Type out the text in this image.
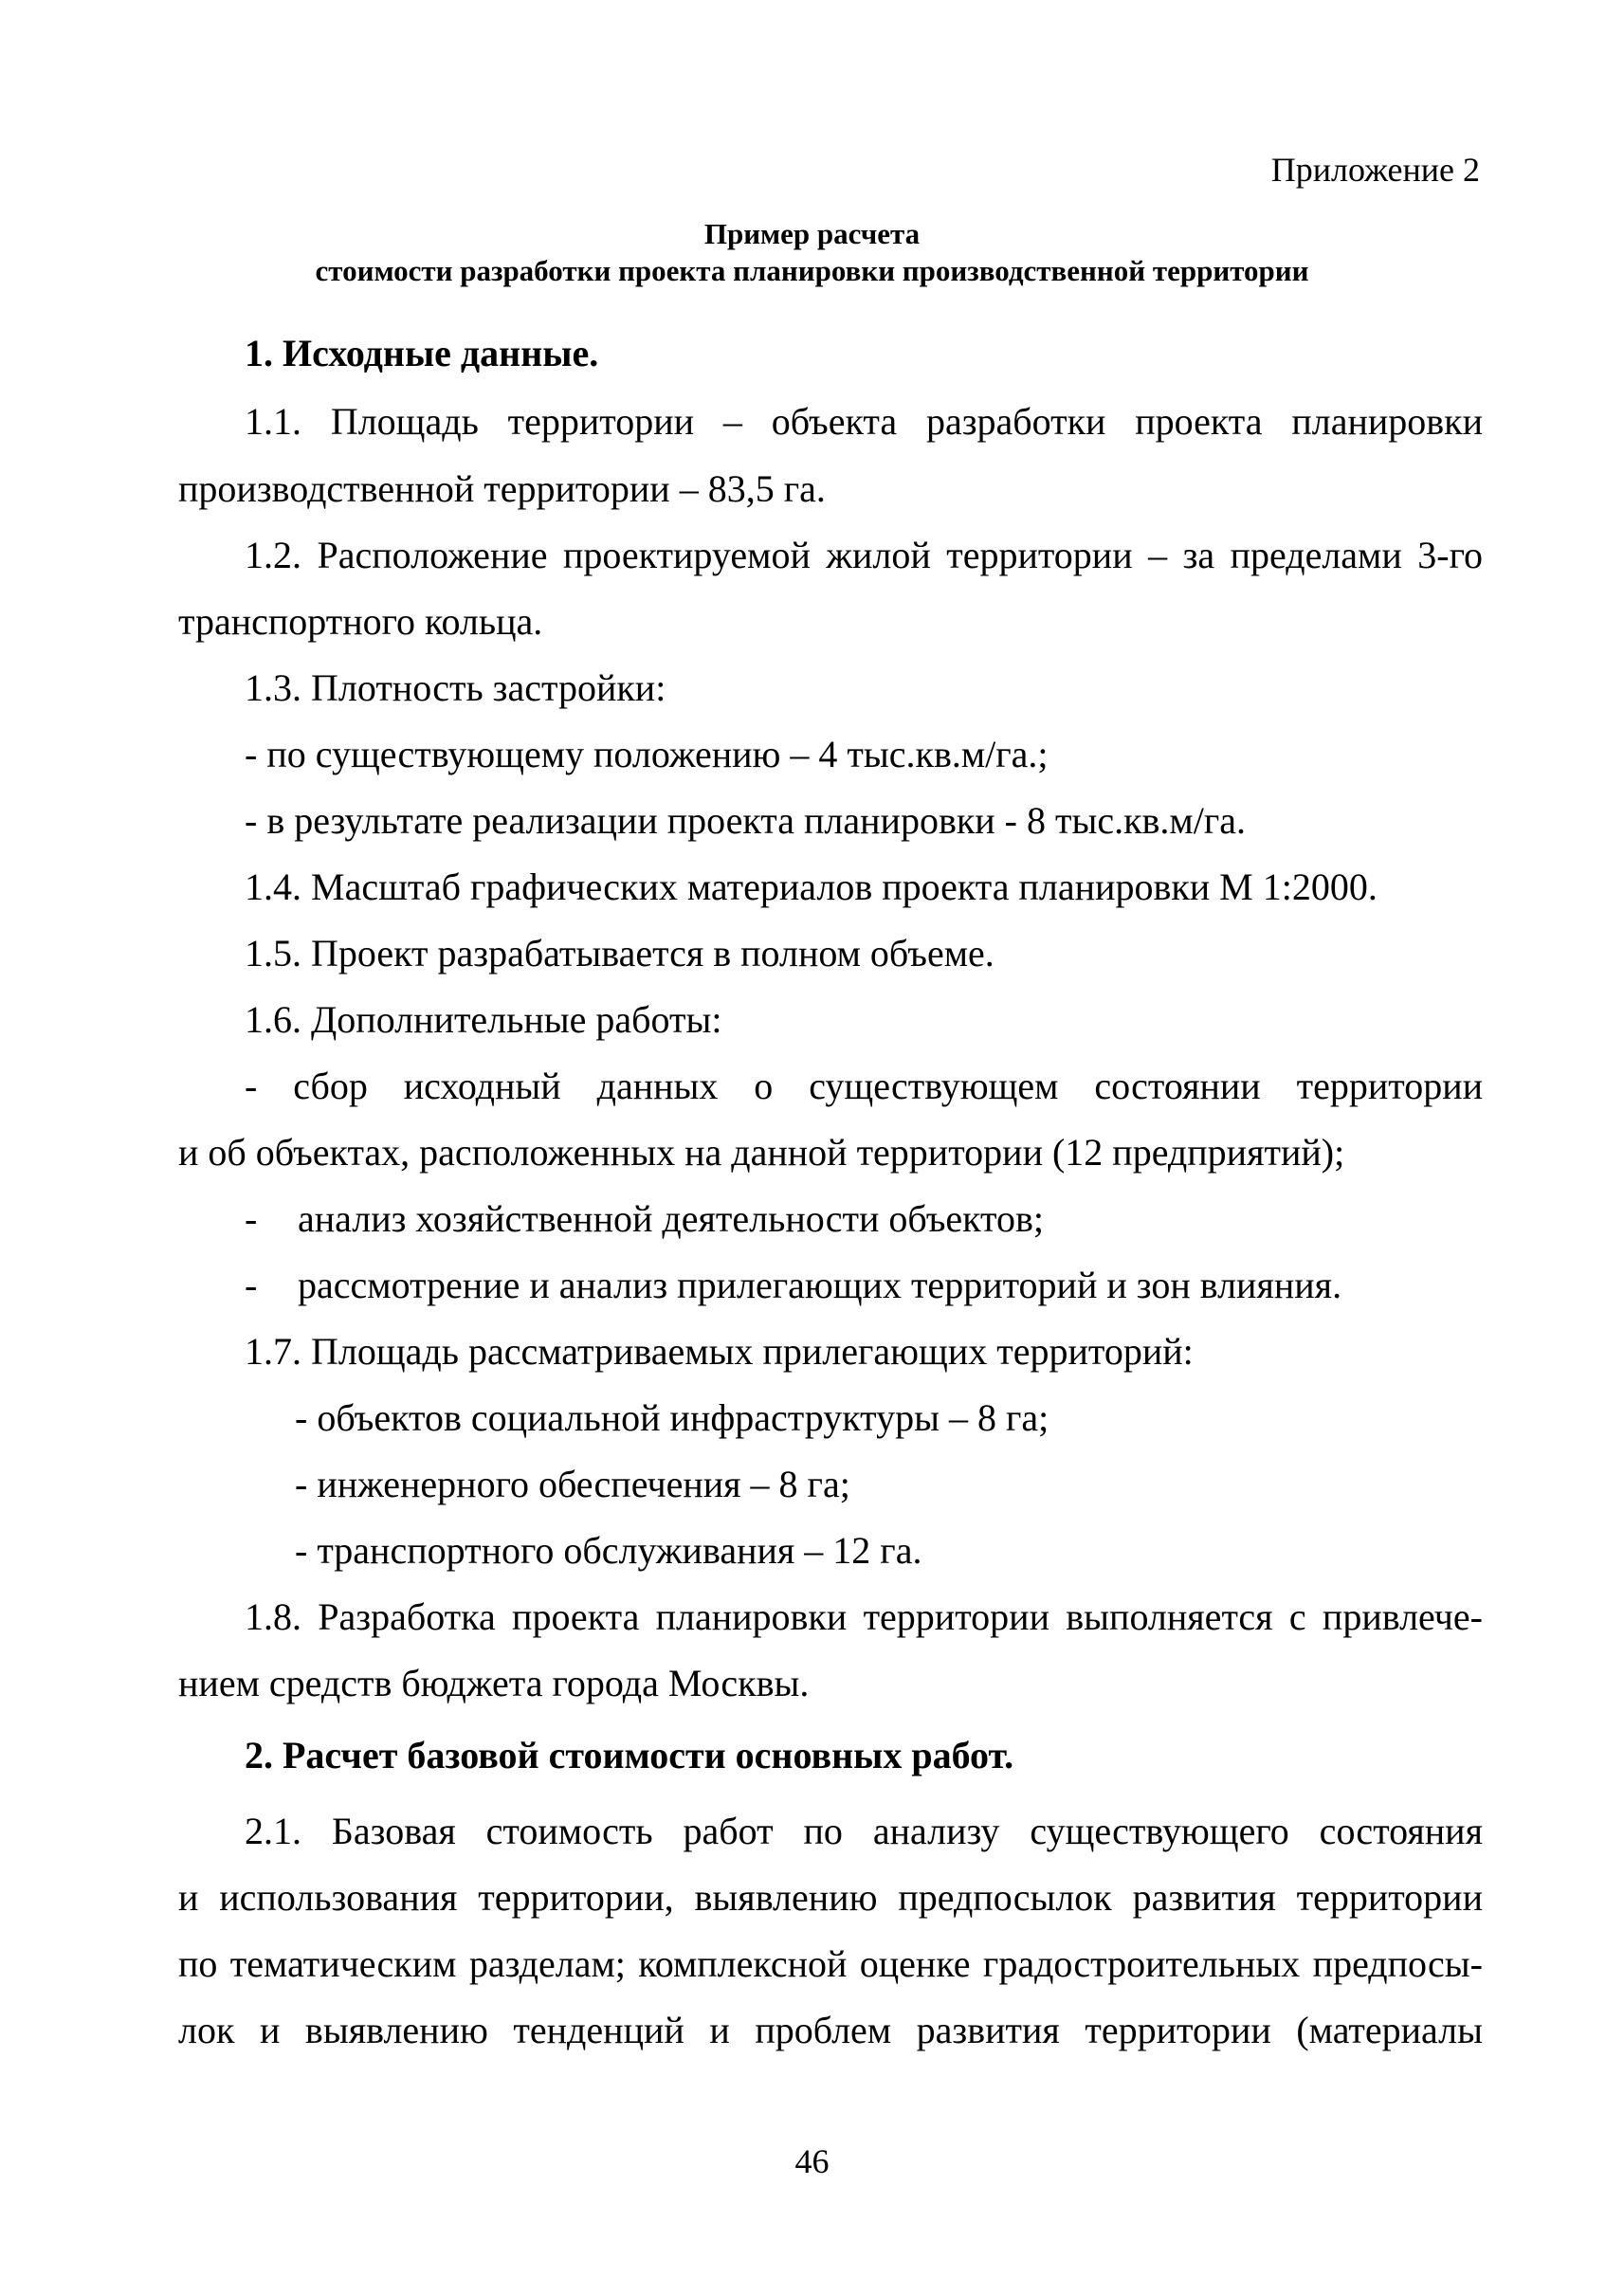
Приложение 2
Пример расчета
стоимости разработки проекта планировки производственной территории
1. Исходные данные.
1.1. Площадь территории – объекта разработки проекта планировки
производственной территории – 83,5 га.
1.2. Расположение проектируемой жилой территории – за пределами 3-го
транспортного кольца.
1.3. Плотность застройки:
- по существующему положению – 4 тыс.кв.м/га.;
- в результате реализации проекта планировки - 8 тыс.кв.м/га.
1.4. Масштаб графических материалов проекта планировки М 1:2000.
1.5. Проект разрабатывается в полном объеме.
1.6. Дополнительные работы:
- сбор исходный данных о существующем состоянии территории
и об объектах, расположенных на данной территории (12 предприятий);
- анализ хозяйственной деятельности объектов;
- рассмотрение и анализ прилегающих территорий и зон влияния.
1.7. Площадь рассматриваемых прилегающих территорий:
- объектов социальной инфраструктуры – 8 га;
- инженерного обеспечения – 8 га;
- транспортного обслуживания – 12 га.
1.8. Разработка проекта планировки территории выполняется с привлече-
нием средств бюджета города Москвы.
2. Расчет базовой стоимости основных работ.
2.1. Базовая стоимость работ по анализу существующего состояния
и использования территории, выявлению предпосылок развития территории
по тематическим разделам; комплексной оценке градостроительных предпосы-
лок и выявлению тенденций и проблем развития территории (материалы
46
